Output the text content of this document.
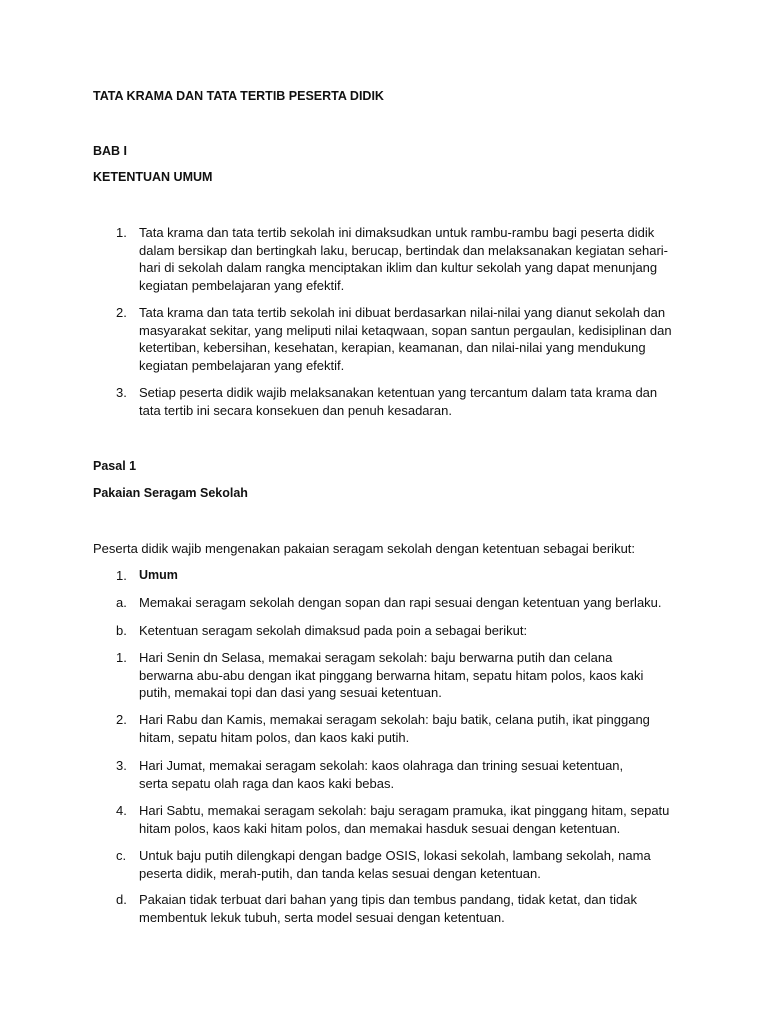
TATA KRAMA DAN TATA TERTIB PESERTA DIDIK
BAB I
KETENTUAN UMUM
1. Tata krama dan tata tertib sekolah ini dimaksudkan untuk rambu-rambu bagi peserta didik dalam bersikap dan bertingkah laku, berucap, bertindak dan melaksanakan kegiatan sehari-hari di sekolah dalam rangka menciptakan iklim dan kultur sekolah yang dapat menunjang kegiatan pembelajaran yang efektif.
2. Tata krama dan tata tertib sekolah ini dibuat berdasarkan nilai-nilai yang dianut sekolah dan masyarakat sekitar, yang meliputi nilai ketaqwaan, sopan santun pergaulan, kedisiplinan dan ketertiban, kebersihan, kesehatan, kerapian, keamanan, dan nilai-nilai yang mendukung kegiatan pembelajaran yang efektif.
3. Setiap peserta didik wajib melaksanakan ketentuan yang tercantum dalam tata krama dan tata tertib ini secara konsekuen dan penuh kesadaran.
Pasal 1
Pakaian Seragam Sekolah
Peserta didik wajib mengenakan pakaian seragam sekolah dengan ketentuan sebagai berikut:
1. Umum
a. Memakai seragam sekolah dengan sopan dan rapi sesuai dengan ketentuan yang berlaku.
b. Ketentuan seragam sekolah dimaksud pada poin a sebagai berikut:
1. Hari Senin dn Selasa, memakai seragam sekolah: baju berwarna putih dan celana berwarna abu-abu dengan ikat pinggang berwarna hitam, sepatu hitam polos, kaos kaki putih, memakai topi dan dasi yang sesuai ketentuan.
2. Hari Rabu dan Kamis, memakai seragam sekolah: baju batik, celana putih, ikat pinggang hitam, sepatu hitam polos, dan kaos kaki putih.
3. Hari Jumat, memakai seragam sekolah: kaos olahraga dan trining sesuai ketentuan, serta sepatu olah raga dan kaos kaki bebas.
4. Hari Sabtu, memakai seragam sekolah: baju seragam pramuka, ikat pinggang hitam, sepatu hitam polos, kaos kaki hitam polos, dan memakai hasduk sesuai dengan ketentuan.
c. Untuk baju putih dilengkapi dengan badge OSIS, lokasi sekolah, lambang sekolah, nama peserta didik, merah-putih, dan tanda kelas sesuai dengan ketentuan.
d. Pakaian tidak terbuat dari bahan yang tipis dan tembus pandang, tidak ketat, dan tidak membentuk lekuk tubuh, serta model sesuai dengan ketentuan.
